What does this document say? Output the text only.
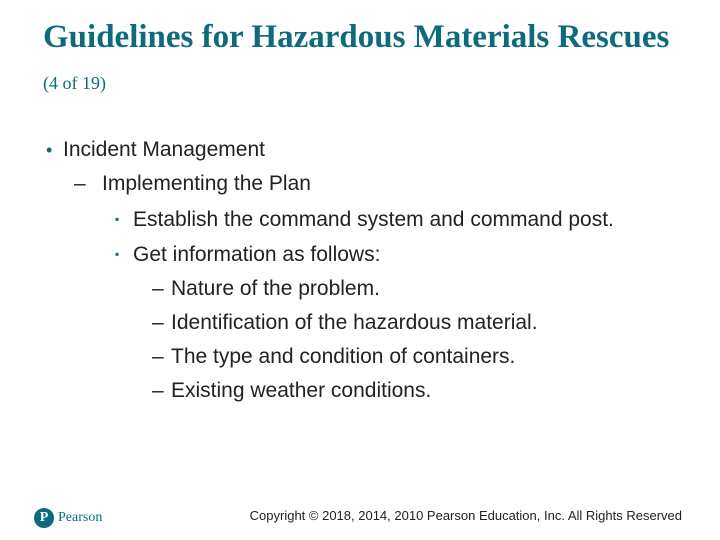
Guidelines for Hazardous Materials Rescues (4 of 19)
• Incident Management
– Implementing the Plan
▪ Establish the command system and command post.
▪ Get information as follows:
– Nature of the problem.
– Identification of the hazardous material.
– The type and condition of containers.
– Existing weather conditions.
P Pearson	Copyright © 2018, 2014, 2010 Pearson Education, Inc. All Rights Reserved
